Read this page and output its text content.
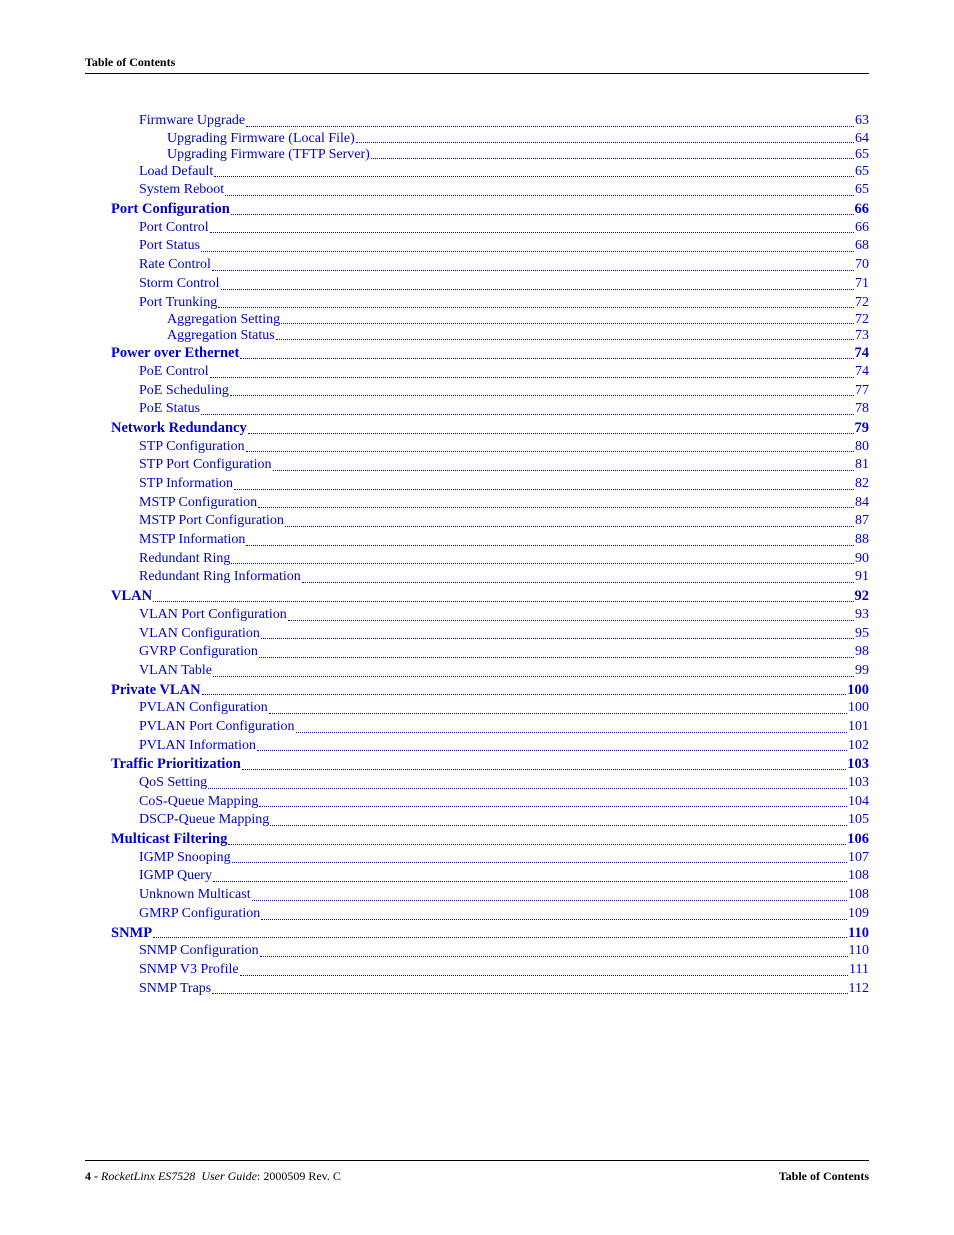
Table of Contents
Firmware Upgrade	63
Upgrading Firmware (Local File)	64
Upgrading Firmware (TFTP Server)	65
Load Default	65
System Reboot	65
Port Configuration	66
Port Control	66
Port Status	68
Rate Control	70
Storm Control	71
Port Trunking	72
Aggregation Setting	72
Aggregation Status	73
Power over Ethernet	74
PoE Control	74
PoE Scheduling	77
PoE Status	78
Network Redundancy	79
STP Configuration	80
STP Port Configuration	81
STP Information	82
MSTP Configuration	84
MSTP Port Configuration	87
MSTP Information	88
Redundant Ring	90
Redundant Ring Information	91
VLAN	92
VLAN Port Configuration	93
VLAN Configuration	95
GVRP Configuration	98
VLAN Table	99
Private VLAN	100
PVLAN Configuration	100
PVLAN Port Configuration	101
PVLAN Information	102
Traffic Prioritization	103
QoS Setting	103
CoS-Queue Mapping	104
DSCP-Queue Mapping	105
Multicast Filtering	106
IGMP Snooping	107
IGMP Query	108
Unknown Multicast	108
GMRP Configuration	109
SNMP	110
SNMP Configuration	110
SNMP V3 Profile	111
SNMP Traps	112
4 - RocketLinx ES7528 User Guide: 2000509 Rev. C	Table of Contents
